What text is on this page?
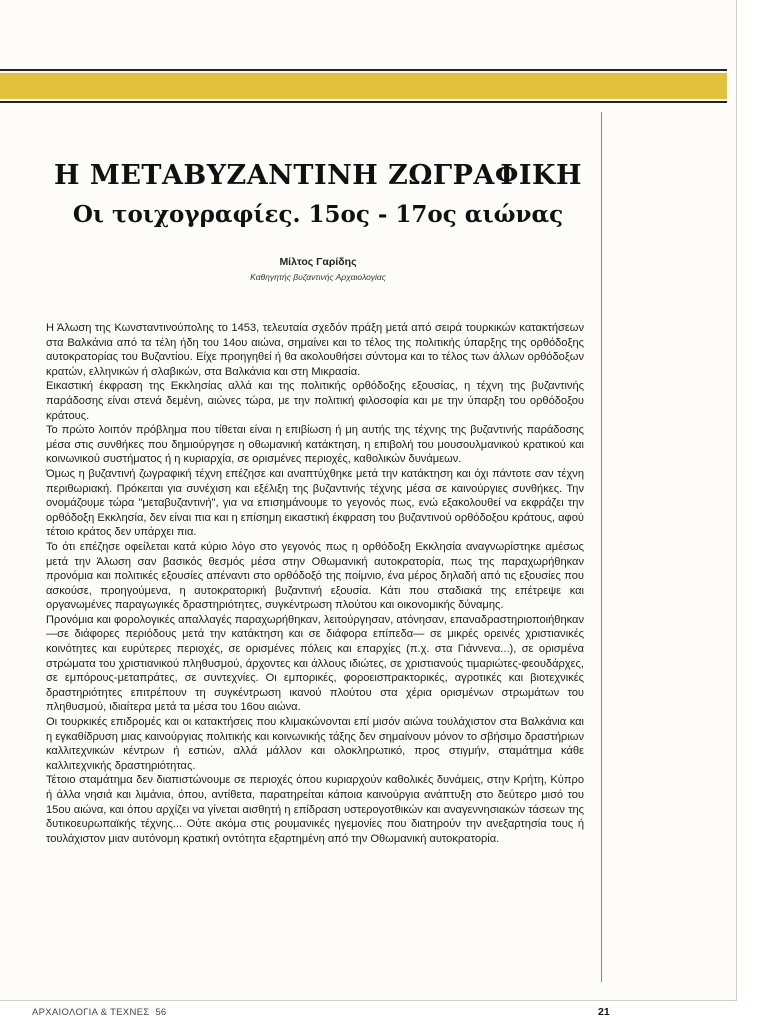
Η ΜΕΤΑΒΥΖΑΝΤΙΝΗ ΖΩΓΡΑΦΙΚΗ
Οι τοιχογραφίες. 15ος - 17ος αιώνας
Μίλτος Γαρίδης
Καθηγητής βυζαντινής Αρχαιολογίας

Η Άλωση της Κωνσταντινούπολης το 1453, τελευταία σχεδόν πράξη μετά από σειρά τουρκικών κατακτήσεων στα Βαλκάνια από τα τέλη ήδη του 14ου αιώνα, σημαίνει και το τέλος της πολιτικής ύπαρξης της ορθόδοξης αυτοκρατορίας του Βυζαντίου. Είχε προηγηθεί ή θα ακολουθήσει σύντομα και το τέλος των άλλων ορθόδοξων κρατών, ελληνικών ή σλαβικών, στα Βαλκάνια και στη Μικρασία.

Εικαστική έκφραση της Εκκλησίας αλλά και της πολιτικής ορθόδοξης εξουσίας, η τέχνη της βυζαντινής παράδοσης είναι στενά δεμένη, αιώνες τώρα, με την πολιτική φιλοσοφία και με την ύπαρξη του ορθόδοξου κράτους.

Το πρώτο λοιπόν πρόβλημα που τίθεται είναι η επιβίωση ή μη αυτής της τέχνης της βυζαντινής παράδοσης μέσα στις συνθήκες που δημιούργησε η οθωμανική κατάκτηση, η επιβολή του μουσουλμανικού κρατικού και κοινωνικού συστήματος ή η κυριαρχία, σε ορισμένες περιοχές, καθολικών δυνάμεων.

Όμως η βυζαντινή ζωγραφική τέχνη επέζησε και αναπτύχθηκε μετά την κατάκτηση και όχι πάντοτε σαν τέχνη περιθωριακή. Πρόκειται για συνέχιση και εξέλιξη της βυζαντινής τέχνης μέσα σε καινούργιες συνθήκες. Την ονομάζουμε τώρα "μεταβυζαντινή", για να επισημάνουμε το γεγονός πως, ενώ εξακολουθεί να εκφράζει την ορθόδοξη Εκκλησία, δεν είναι πια και η επίσημη εικαστική έκφραση του βυζαντινού ορθόδοξου κράτους, αφού τέτοιο κράτος δεν υπάρχει πια.

Το ότι επέζησε οφείλεται κατά κύριο λόγο στο γεγονός πως η ορθόδοξη Εκκλησία αναγνωρίστηκε αμέσως μετά την Άλωση σαν βασικός θεσμός μέσα στην Οθωμανική αυτοκρατορία, πως της παραχωρήθηκαν προνόμια και πολιτικές εξουσίες απέναντι στο ορθόδοξό της ποίμνιο, ένα μέρος δηλαδή από τις εξουσίες που ασκούσε, προηγούμενα, η αυτοκρατορική βυζαντινή εξουσία. Κάτι που σταδιακά της επέτρεψε και οργανωμένες παραγωγικές δραστηριότητες, συγκέντρωση πλούτου και οικονομικής δύναμης.

Προνόμια και φορολογικές απαλλαγές παραχωρήθηκαν, λειτούργησαν, ατόνησαν, επαναδραστηριοποιήθηκαν —σε διάφορες περιόδους μετά την κατάκτηση και σε διάφορα επίπεδα— σε μικρές ορεινές χριστιανικές κοινότητες και ευρύτερες περιοχές, σε ορισμένες πόλεις και επαρχίες (π.χ. στα Γιάννενα...), σε ορισμένα στρώματα του χριστιανικού πληθυσμού, άρχοντες και άλλους ιδιώτες, σε χριστιανούς τιμαριώτες-φεουδάρχες, σε εμπόρους-μεταπράτες, σε συντεχνίες. Οι εμπορικές, φοροεισπρακτορικές, αγροτικές και βιοτεχνικές δραστηριότητες επιτρέπουν τη συγκέντρωση ικανού πλούτου στα χέρια ορισμένων στρωμάτων του πληθυσμού, ιδιαίτερα μετά τα μέσα του 16ου αιώνα.

Οι τουρκικές επιδρομές και οι κατακτήσεις που κλιμακώνονται επί μισόν αιώνα τουλάχιστον στα Βαλκάνια και η εγκαθίδρυση μιας καινούργιας πολιτικής και κοινωνικής τάξης δεν σημαίνουν μόνον το σβήσιμο δραστήριων καλλιτεχνικών κέντρων ή εστιών, αλλά μάλλον και ολοκληρωτικό, προς στιγμήν, σταμάτημα κάθε καλλιτεχνικής δραστηριότητας.

Τέτοιο σταμάτημα δεν διαπιστώνουμε σε περιοχές όπου κυριαρχούν καθολικές δυνάμεις, στην Κρήτη, Κύπρο ή άλλα νησιά και λιμάνια, όπου, αντίθετα, παρατηρείται κάποια καινούργια ανάπτυξη στο δεύτερο μισό του 15ου αιώνα, και όπου αρχίζει να γίνεται αισθητή η επίδραση υστερογοτθικών και αναγεννησιακών τάσεων της δυτικοευρωπαϊκής τέχνης... Ούτε ακόμα στις ρουμανικές ηγεμονίες που διατηρούν την ανεξαρτησία τους ή τουλάχιστον μιαν αυτόνομη κρατική οντότητα εξαρτημένη από την Οθωμανική αυτοκρατορία.

ΑΡΧΑΙΟΛΟΓΙΑ & ΤΕΧΝΕΣ 56	21
